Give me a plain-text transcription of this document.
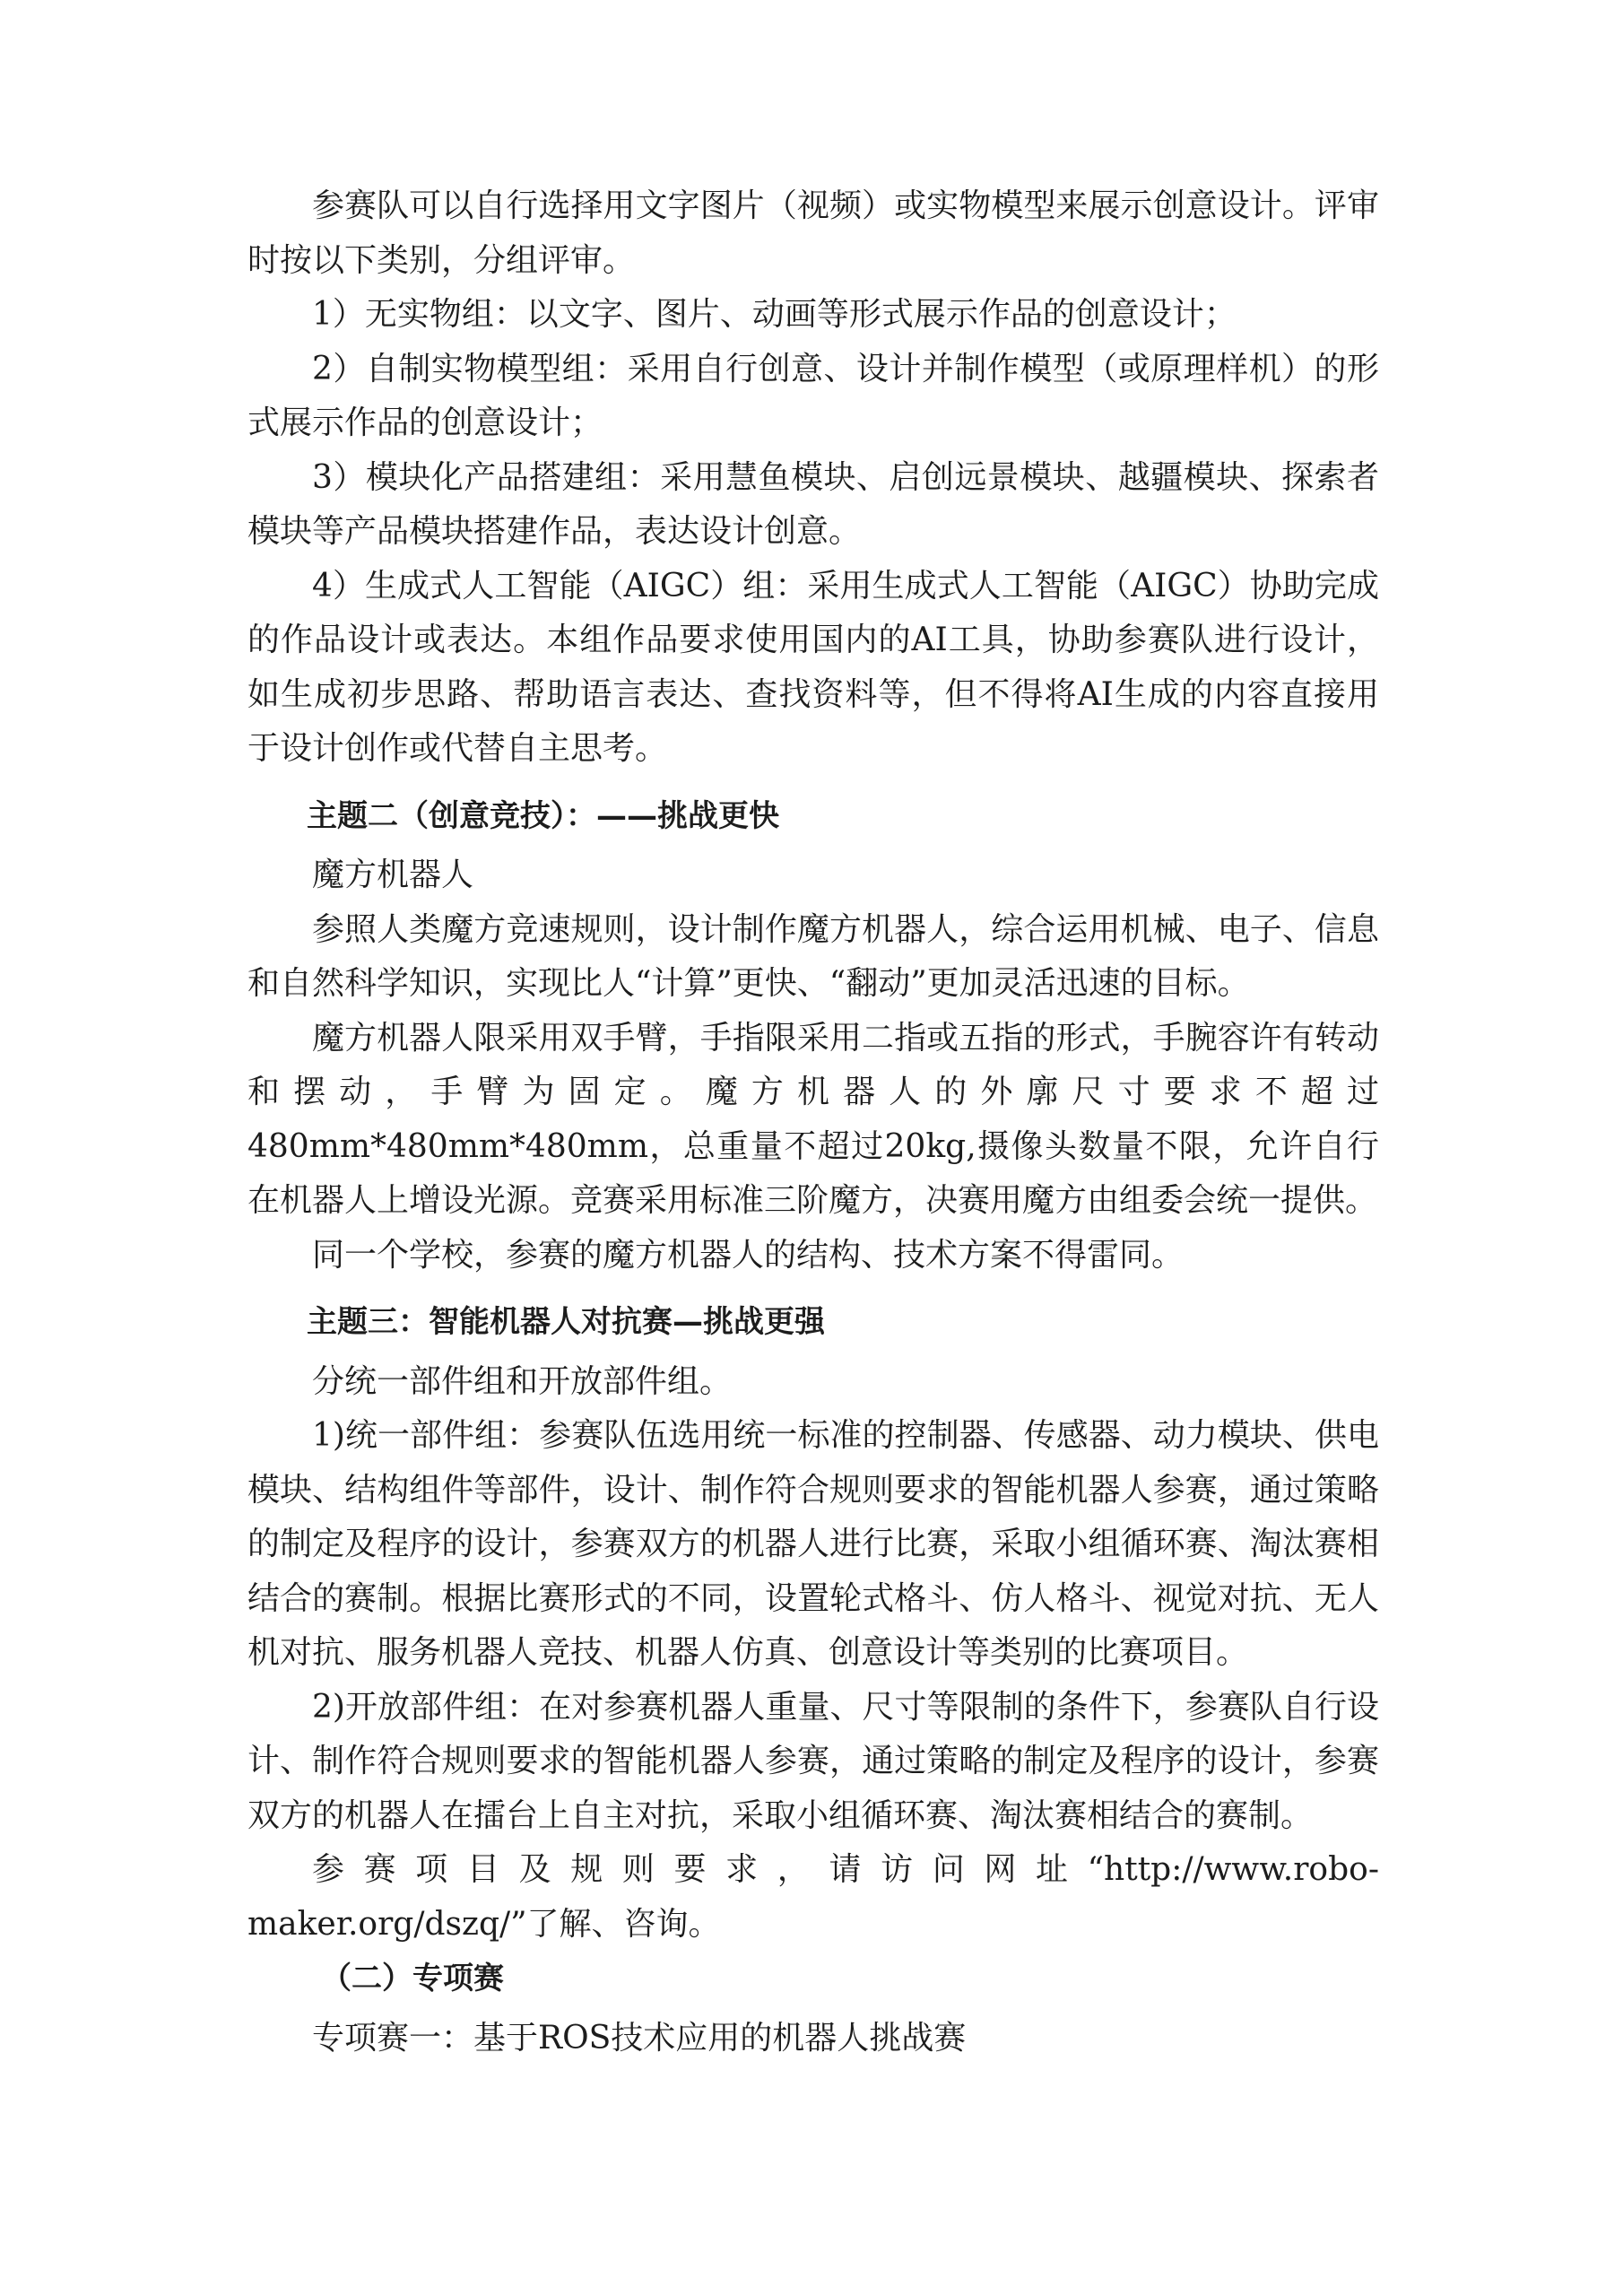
参赛队可以自行选择用文字图片（视频）或实物模型来展示创意设计。评审时按以下类别，分组评审。

1）无实物组：以文字、图片、动画等形式展示作品的创意设计；

2）自制实物模型组：采用自行创意、设计并制作模型（或原理样机）的形式展示作品的创意设计；

3）模块化产品搭建组：采用慧鱼模块、启创远景模块、越疆模块、探索者模块等产品模块搭建作品，表达设计创意。

4）生成式人工智能（AIGC）组：采用生成式人工智能（AIGC）协助完成的作品设计或表达。本组作品要求使用国内的AI工具，协助参赛队进行设计，如生成初步思路、帮助语言表达、查找资料等，但不得将AI生成的内容直接用于设计创作或代替自主思考。

主题二（创意竞技）：——挑战更快

魔方机器人

参照人类魔方竞速规则，设计制作魔方机器人，综合运用机械、电子、信息和自然科学知识，实现比人“计算”更快、“翻动”更加灵活迅速的目标。

魔方机器人限采用双手臂，手指限采用二指或五指的形式，手腕容许有转动和摆动，手臂为固定。魔方机器人的外廓尺寸要求不超过480mm*480mm*480mm，总重量不超过20kg,摄像头数量不限，允许自行在机器人上增设光源。竞赛采用标准三阶魔方，决赛用魔方由组委会统一提供。

同一个学校，参赛的魔方机器人的结构、技术方案不得雷同。

主题三：智能机器人对抗赛—挑战更强

分统一部件组和开放部件组。

1)统一部件组：参赛队伍选用统一标准的控制器、传感器、动力模块、供电模块、结构组件等部件，设计、制作符合规则要求的智能机器人参赛，通过策略的制定及程序的设计，参赛双方的机器人进行比赛，采取小组循环赛、淘汰赛相结合的赛制。根据比赛形式的不同，设置轮式格斗、仿人格斗、视觉对抗、无人机对抗、服务机器人竞技、机器人仿真、创意设计等类别的比赛项目。

2)开放部件组：在对参赛机器人重量、尺寸等限制的条件下，参赛队自行设计、制作符合规则要求的智能机器人参赛，通过策略的制定及程序的设计，参赛双方的机器人在擂台上自主对抗，采取小组循环赛、淘汰赛相结合的赛制。

参赛项目及规则要求，请访问网址“http://www.robo-maker.org/dszq/”了解、咨询。

（二）专项赛

专项赛一：基于ROS技术应用的机器人挑战赛
